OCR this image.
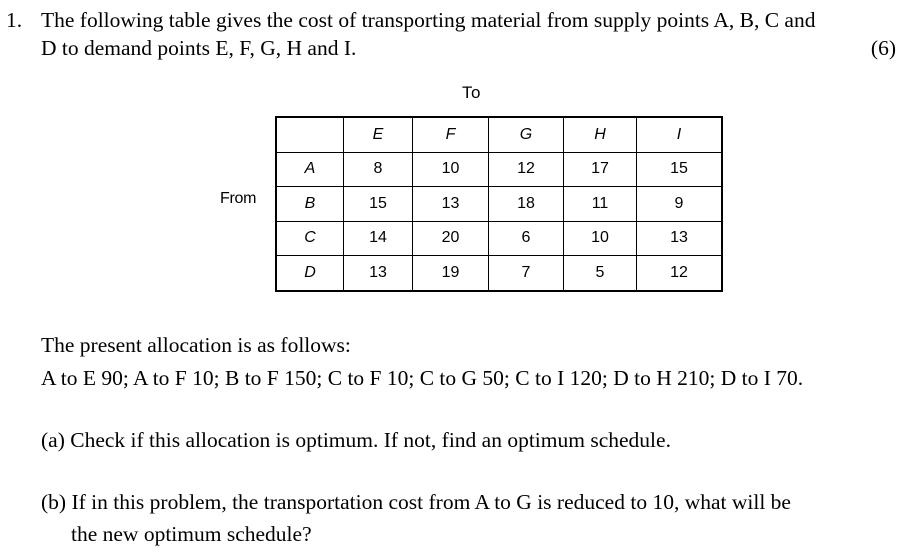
1. The following table gives the cost of transporting material from supply points A, B, C and
D to demand points E, F, G, H and I.	(6)
To
From
	E	F	G	H	I
A	8	10	12	17	15
B	15	13	18	11	9
C	14	20	6	10	13
D	13	19	7	5	12
The present allocation is as follows:
A to E 90; A to F 10; B to F 150; C to F 10; C to G 50; C to I 120; D to H 210; D to I 70.
(a) Check if this allocation is optimum. If not, find an optimum schedule.
(b) If in this problem, the transportation cost from A to G is reduced to 10, what will be
the new optimum schedule?
